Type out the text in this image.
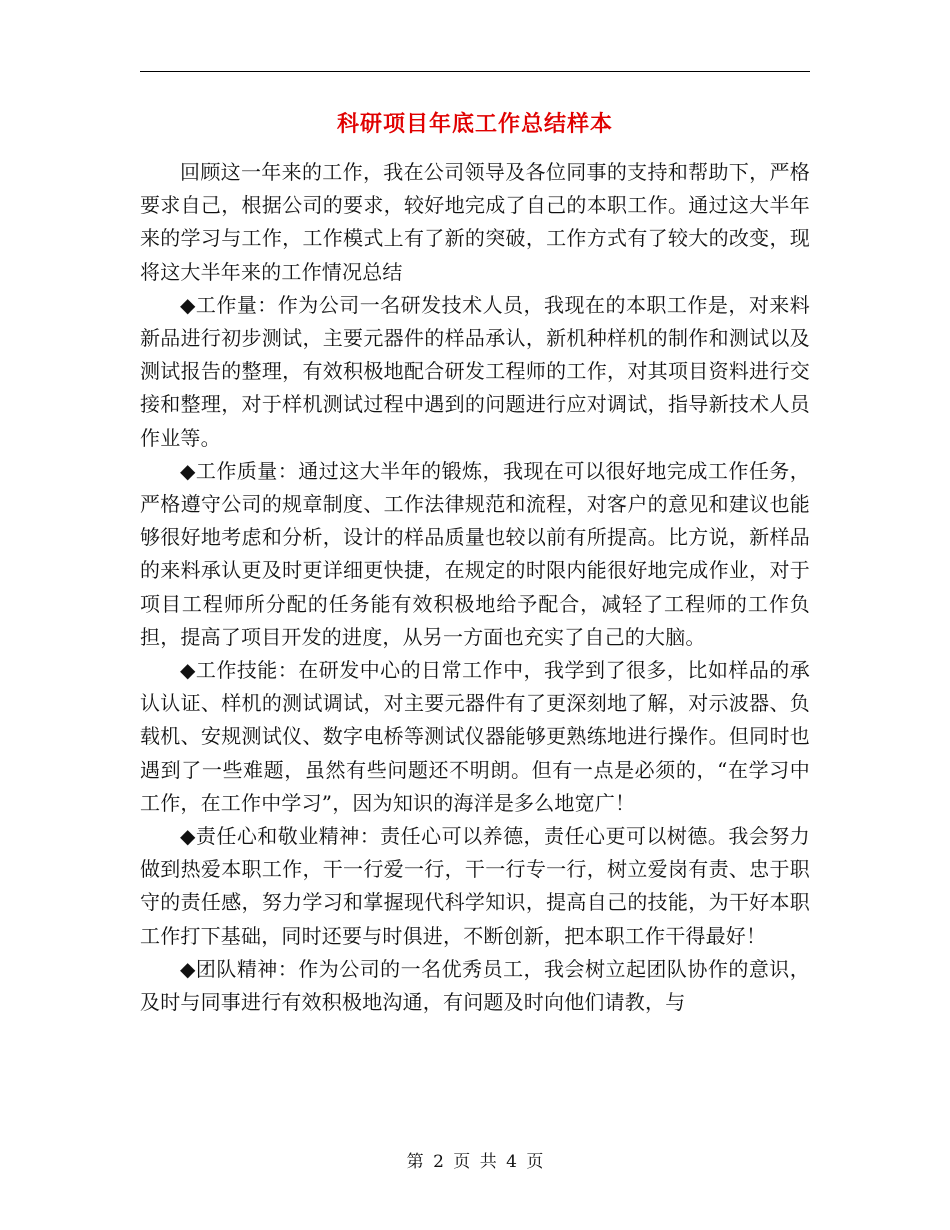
科研项目年底工作总结样本

回顾这一年来的工作，我在公司领导及各位同事的支持和帮助下，严格要求自己，根据公司的要求，较好地完成了自己的本职工作。通过这大半年来的学习与工作，工作模式上有了新的突破，工作方式有了较大的改变，现将这大半年来的工作情况总结

◆工作量：作为公司一名研发技术人员，我现在的本职工作是，对来料新品进行初步测试，主要元器件的样品承认，新机种样机的制作和测试以及测试报告的整理，有效积极地配合研发工程师的工作，对其项目资料进行交接和整理，对于样机测试过程中遇到的问题进行应对调试，指导新技术人员作业等。

◆工作质量：通过这大半年的锻炼，我现在可以很好地完成工作任务，严格遵守公司的规章制度、工作法律规范和流程，对客户的意见和建议也能够很好地考虑和分析，设计的样品质量也较以前有所提高。比方说，新样品的来料承认更及时更详细更快捷，在规定的时限内能很好地完成作业，对于项目工程师所分配的任务能有效积极地给予配合，减轻了工程师的工作负担，提高了项目开发的进度，从另一方面也充实了自己的大脑。

◆工作技能：在研发中心的日常工作中，我学到了很多，比如样品的承认认证、样机的测试调试，对主要元器件有了更深刻地了解，对示波器、负载机、安规测试仪、数字电桥等测试仪器能够更熟练地进行操作。但同时也遇到了一些难题，虽然有些问题还不明朗。但有一点是必须的，“在学习中工作，在工作中学习”，因为知识的海洋是多么地宽广！

◆责任心和敬业精神：责任心可以养德，责任心更可以树德。我会努力做到热爱本职工作，干一行爱一行，干一行专一行，树立爱岗有责、忠于职守的责任感，努力学习和掌握现代科学知识，提高自己的技能，为干好本职工作打下基础，同时还要与时俱进，不断创新，把本职工作干得最好！

◆团队精神：作为公司的一名优秀员工，我会树立起团队协作的意识，及时与同事进行有效积极地沟通，有问题及时向他们请教，与

第 2 页 共 4 页
